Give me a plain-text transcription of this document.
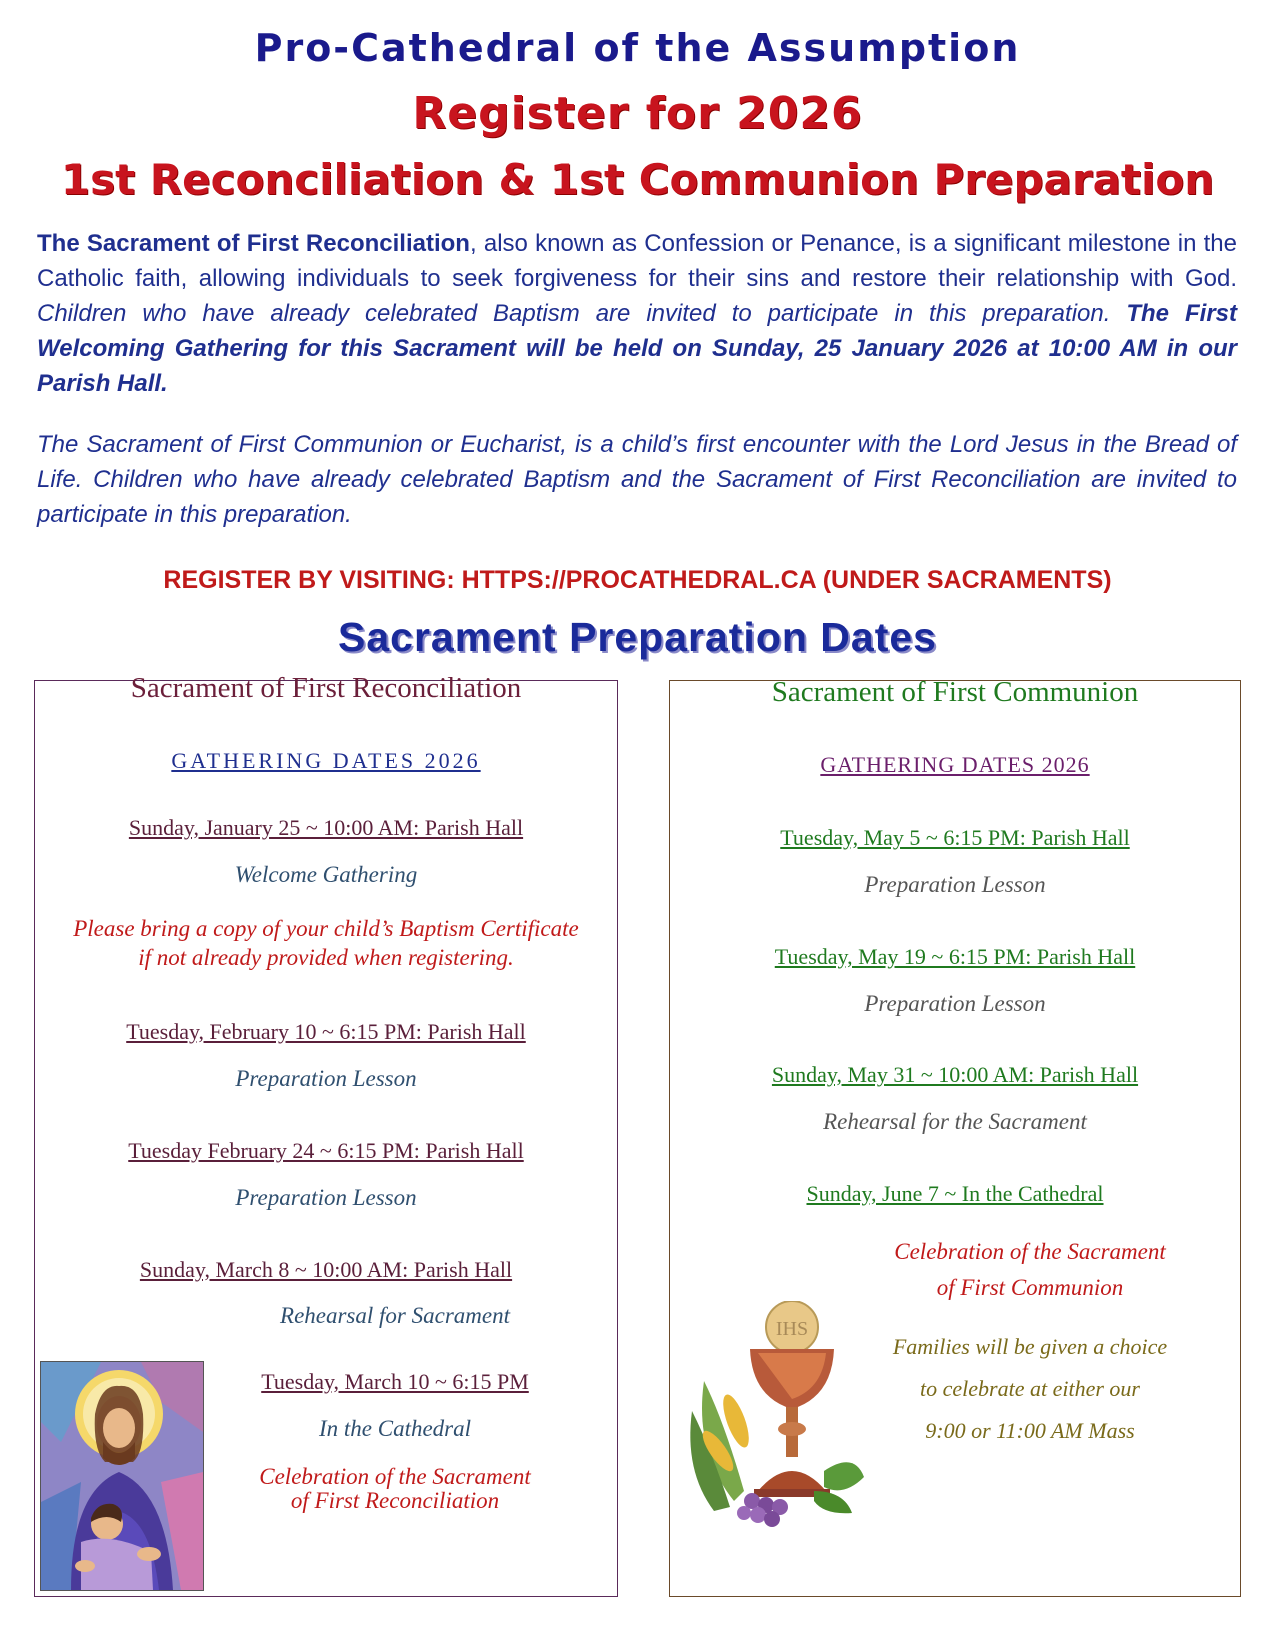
Pro-Cathedral of the Assumption
Register for 2026
1st Reconciliation & 1st Communion Preparation
The Sacrament of First Reconciliation, also known as Confession or Penance, is a significant milestone in the Catholic faith, allowing individuals to seek forgiveness for their sins and restore their relationship with God. Children who have already celebrated Baptism are invited to participate in this preparation. The First Welcoming Gathering for this Sacrament will be held on Sunday, 25 January 2026 at 10:00 AM in our Parish Hall.
The Sacrament of First Communion or Eucharist, is a child’s first encounter with the Lord Jesus in the Bread of Life. Children who have already celebrated Baptism and the Sacrament of First Reconciliation are invited to participate in this preparation.
REGISTER BY VISITING: HTTPS://PROCATHEDRAL.CA (UNDER SACRAMENTS)
Sacrament Preparation Dates
Sacrament of First Reconciliation
GATHERING DATES 2026
Sunday, January 25 ~ 10:00 AM: Parish Hall
Welcome Gathering
Please bring a copy of your child’s Baptism Certificate
if not already provided when registering.
Tuesday, February 10 ~ 6:15 PM: Parish Hall
Preparation Lesson
Tuesday February 24 ~ 6:15 PM: Parish Hall
Preparation Lesson
Sunday, March 8 ~ 10:00 AM: Parish Hall
Rehearsal for Sacrament
Tuesday, March 10 ~ 6:15 PM
In the Cathedral
Celebration of the Sacrament
of First Reconciliation
Sacrament of First Communion
GATHERING DATES 2026
Tuesday, May 5 ~ 6:15 PM: Parish Hall
Preparation Lesson
Tuesday, May 19 ~ 6:15 PM: Parish Hall
Preparation Lesson
Sunday, May 31 ~ 10:00 AM: Parish Hall
Rehearsal for the Sacrament
Sunday, June 7 ~ In the Cathedral
Celebration of the Sacrament
of First Communion
Families will be given a choice
to celebrate at either our
9:00 or 11:00 AM Mass
IHS
